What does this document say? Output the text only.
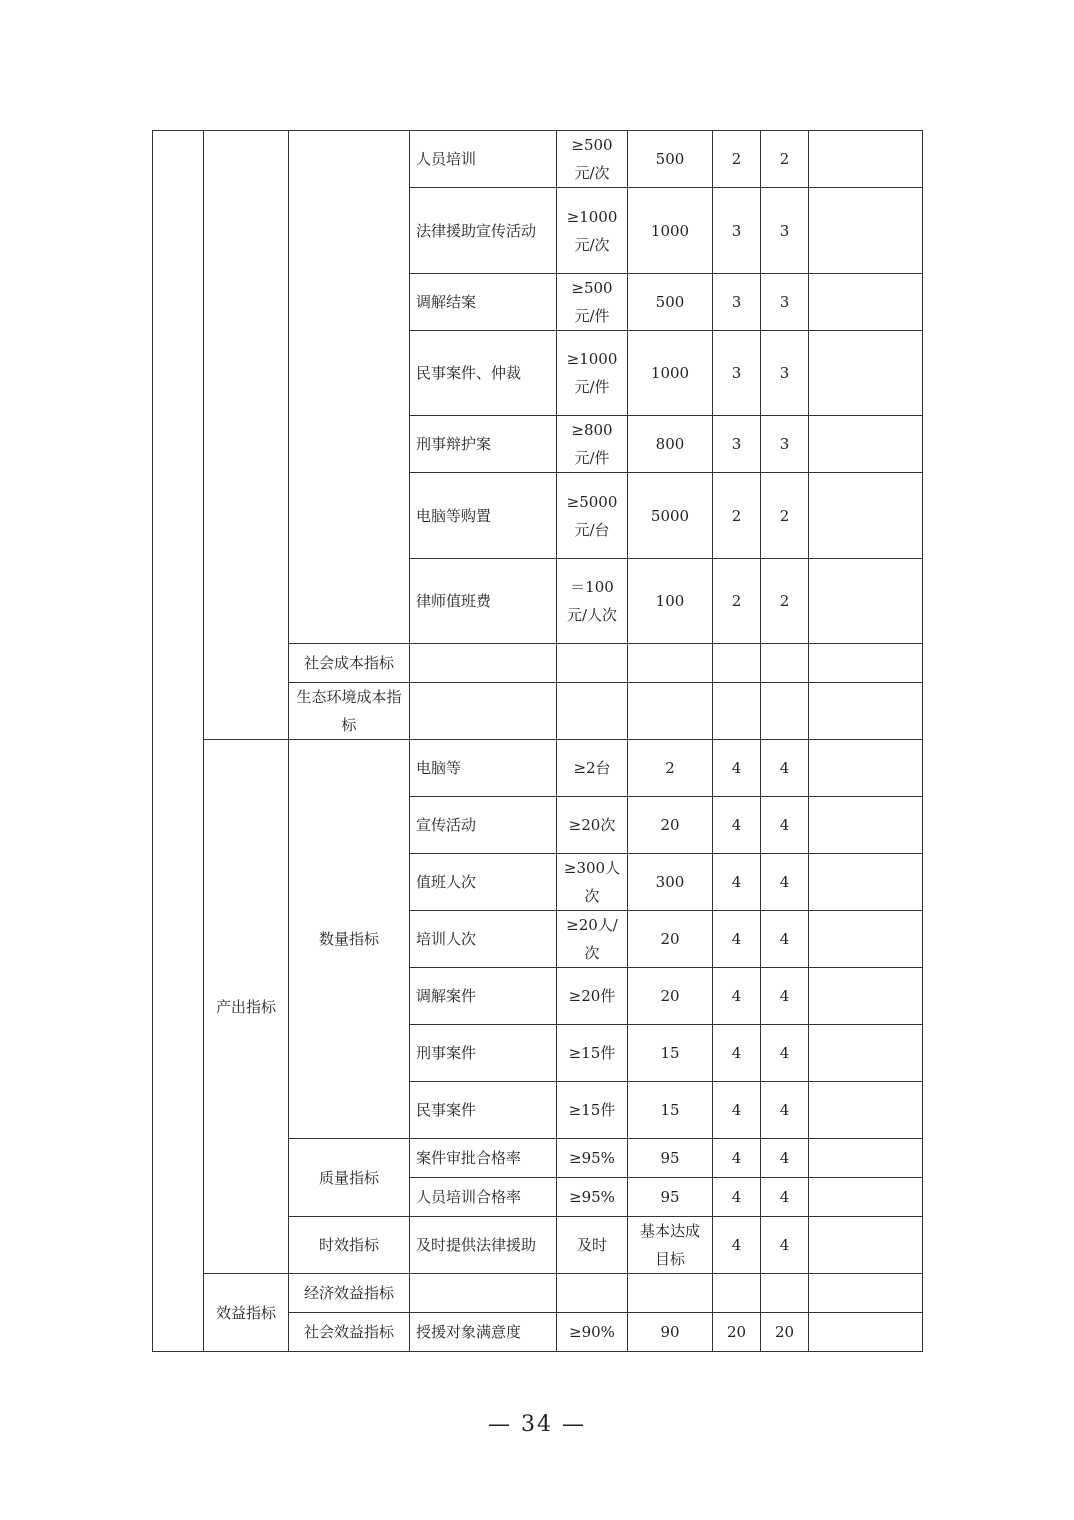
			人员培训	≥500元/次	500	2	2	
			法律援助宣传活动	≥1000元/次	1000	3	3	
			调解结案	≥500元/件	500	3	3	
			民事案件、仲裁	≥1000元/件	1000	3	3	
			刑事辩护案	≥800元/件	800	3	3	
			电脑等购置	≥5000元/台	5000	2	2	
			律师值班费	＝100元/人次	100	2	2	
		社会成本指标						
		生态环境成本指标						
	产出指标	数量指标	电脑等	≥2台	2	4	4	
			宣传活动	≥20次	20	4	4	
			值班人次	≥300人次	300	4	4	
			培训人次	≥20人/次	20	4	4	
			调解案件	≥20件	20	4	4	
			刑事案件	≥15件	15	4	4	
			民事案件	≥15件	15	4	4	
		质量指标	案件审批合格率	≥95%	95	4	4	
			人员培训合格率	≥95%	95	4	4	
		时效指标	及时提供法律援助	及时	基本达成目标	4	4	
	效益指标	经济效益指标						
		社会效益指标	授援对象满意度	≥90%	90	20	20	
— 34 —
